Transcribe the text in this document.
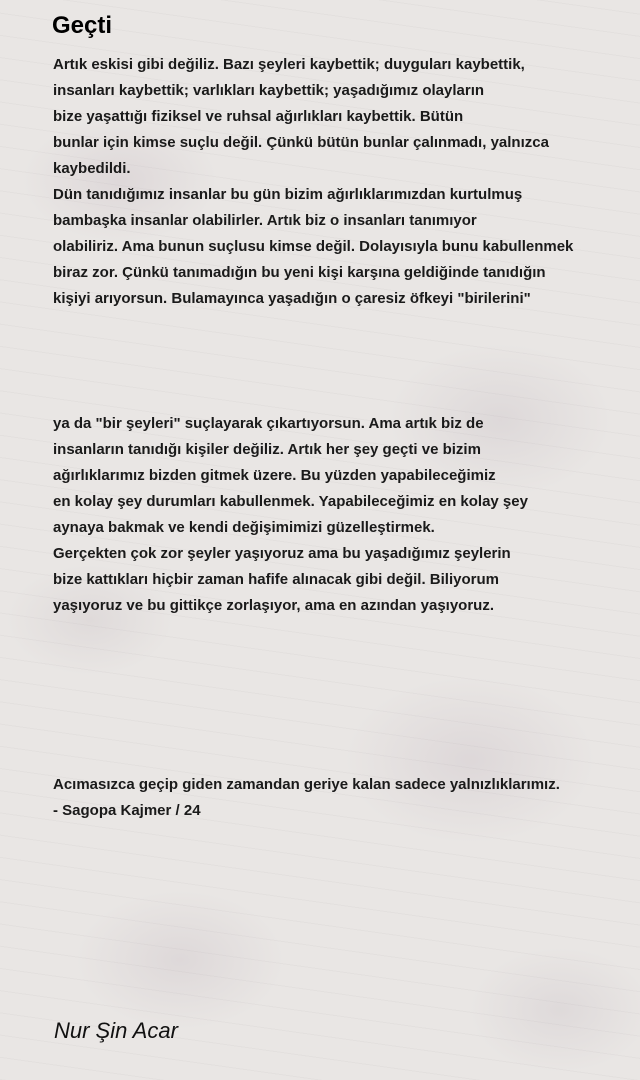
Geçti
Artık eskisi gibi değiliz. Bazı şeyleri kaybettik; duyguları kaybettik,
insanları kaybettik; varlıkları kaybettik; yaşadığımız olayların
bize yaşattığı fiziksel ve ruhsal ağırlıkları kaybettik. Bütün
bunlar için kimse suçlu değil. Çünkü bütün bunlar çalınmadı, yalnızca
kaybedildi.
Dün tanıdığımız insanlar bu gün bizim ağırlıklarımızdan kurtulmuş
bambaşka insanlar olabilirler. Artık biz o insanları tanımıyor
olabiliriz. Ama bunun suçlusu kimse değil. Dolayısıyla bunu kabullenmek
biraz zor. Çünkü tanımadığın bu yeni kişi karşına geldiğinde tanıdığın
kişiyi arıyorsun. Bulamayınca yaşadığın o çaresiz öfkeyi "birilerini"
ya da "bir şeyleri" suçlayarak çıkartıyorsun. Ama artık biz de
insanların tanıdığı kişiler değiliz. Artık her şey geçti ve bizim
ağırlıklarımız bizden gitmek üzere. Bu yüzden yapabileceğimiz
en kolay şey durumları kabullenmek. Yapabileceğimiz en kolay şey
aynaya bakmak ve kendi değişimimizi güzelleştirmek.
Gerçekten çok zor şeyler yaşıyoruz ama bu yaşadığımız şeylerin
bize kattıkları hiçbir zaman hafife alınacak gibi değil. Biliyorum
yaşıyoruz ve bu gittikçe zorlaşıyor, ama en azından yaşıyoruz.
Acımasızca geçip giden zamandan geriye kalan sadece yalnızlıklarımız.
- Sagopa Kajmer / 24
Nur Şin Acar
